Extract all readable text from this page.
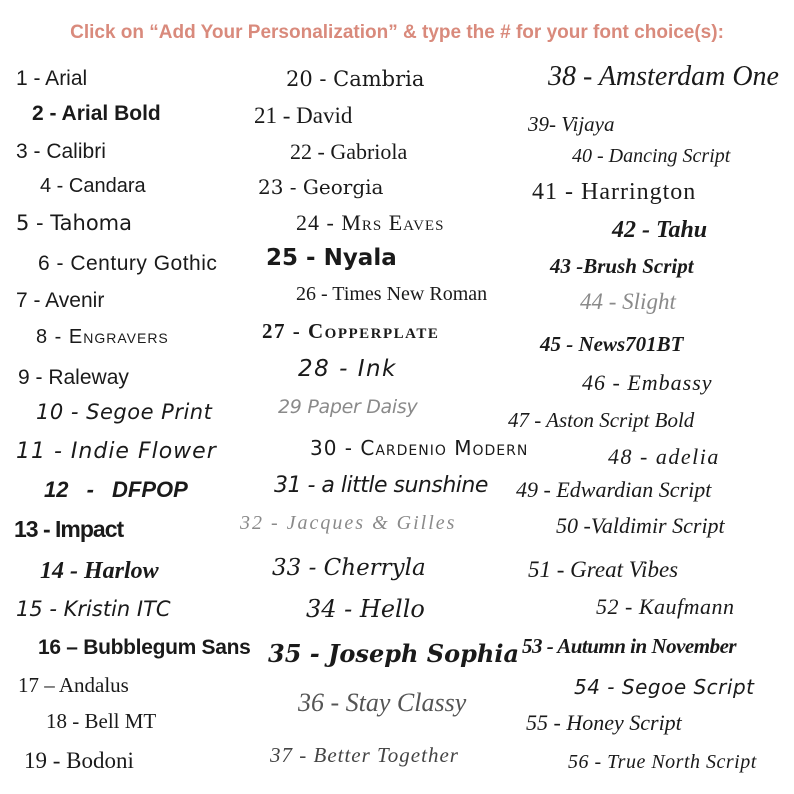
Click on “Add Your Personalization” & type the # for your font choice(s):
1 - Arial
2 - Arial Bold
3 - Calibri
4 - Candara
5 - Tahoma
6 - Century Gothic
7 - Avenir
8 - Engravers
9 - Raleway
10 - Segoe Print
11 - Indie Flower
12 - DFPOP
13 - Impact
14 - Harlow
15 - Kristin ITC
16 – Bubblegum Sans
17 – Andalus
18 - Bell MT
19 - Bodoni
20 - Cambria
21 - David
22 - Gabriola
23 - Georgia
24 - Mrs Eaves
25 - Nyala
26 - Times New Roman
27 - Copperplate
28 - Ink
29 Paper Daisy
30 - Cardenio Modern
31 - a little sunshine
32 - Jacques & Gilles
33 - Cherryla
34 - Hello
35 - Joseph Sophia
36 - Stay Classy
37 - Better Together
38 - Amsterdam One
39- Vijaya
40 - Dancing Script
41 - Harrington
42 - Tahu
43 -Brush Script
44 - Slight
45 - News701BT
46 - Embassy
47 - Aston Script Bold
48 - adelia
49 - Edwardian Script
50 -Valdimir Script
51 - Great Vibes
52 - Kaufmann
53 - Autumn in November
54 - Segoe Script
55 - Honey Script
56 - True North Script
